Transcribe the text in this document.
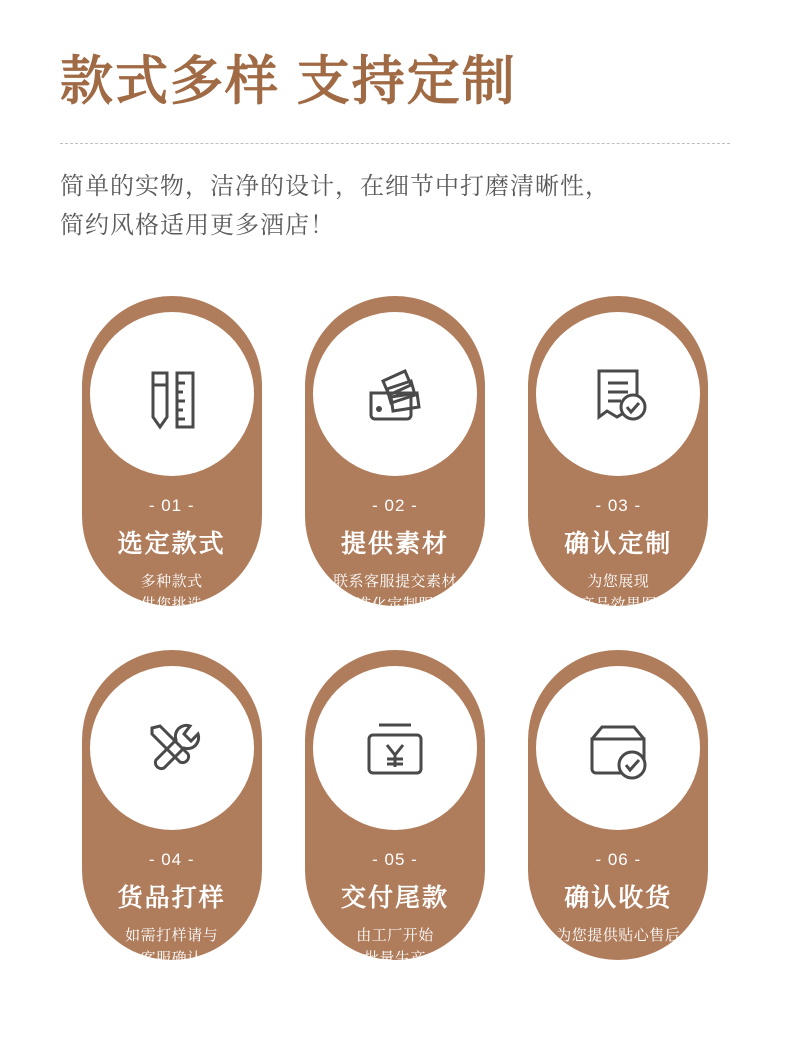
款式多样 支持定制
简单的实物，洁净的设计，在细节中打磨清晰性，
简约风格适用更多酒店！
- 01 -
选定款式
多种款式
供您挑选
- 02 -
提供素材
联系客服提交素材
标准化定制服务
- 03 -
确认定制
为您展现
产品效果图
- 04 -
货品打样
如需打样请与
客服确认
- 05 -
交付尾款
由工厂开始
批量生产
- 06 -
确认收货
为您提供贴心售后
